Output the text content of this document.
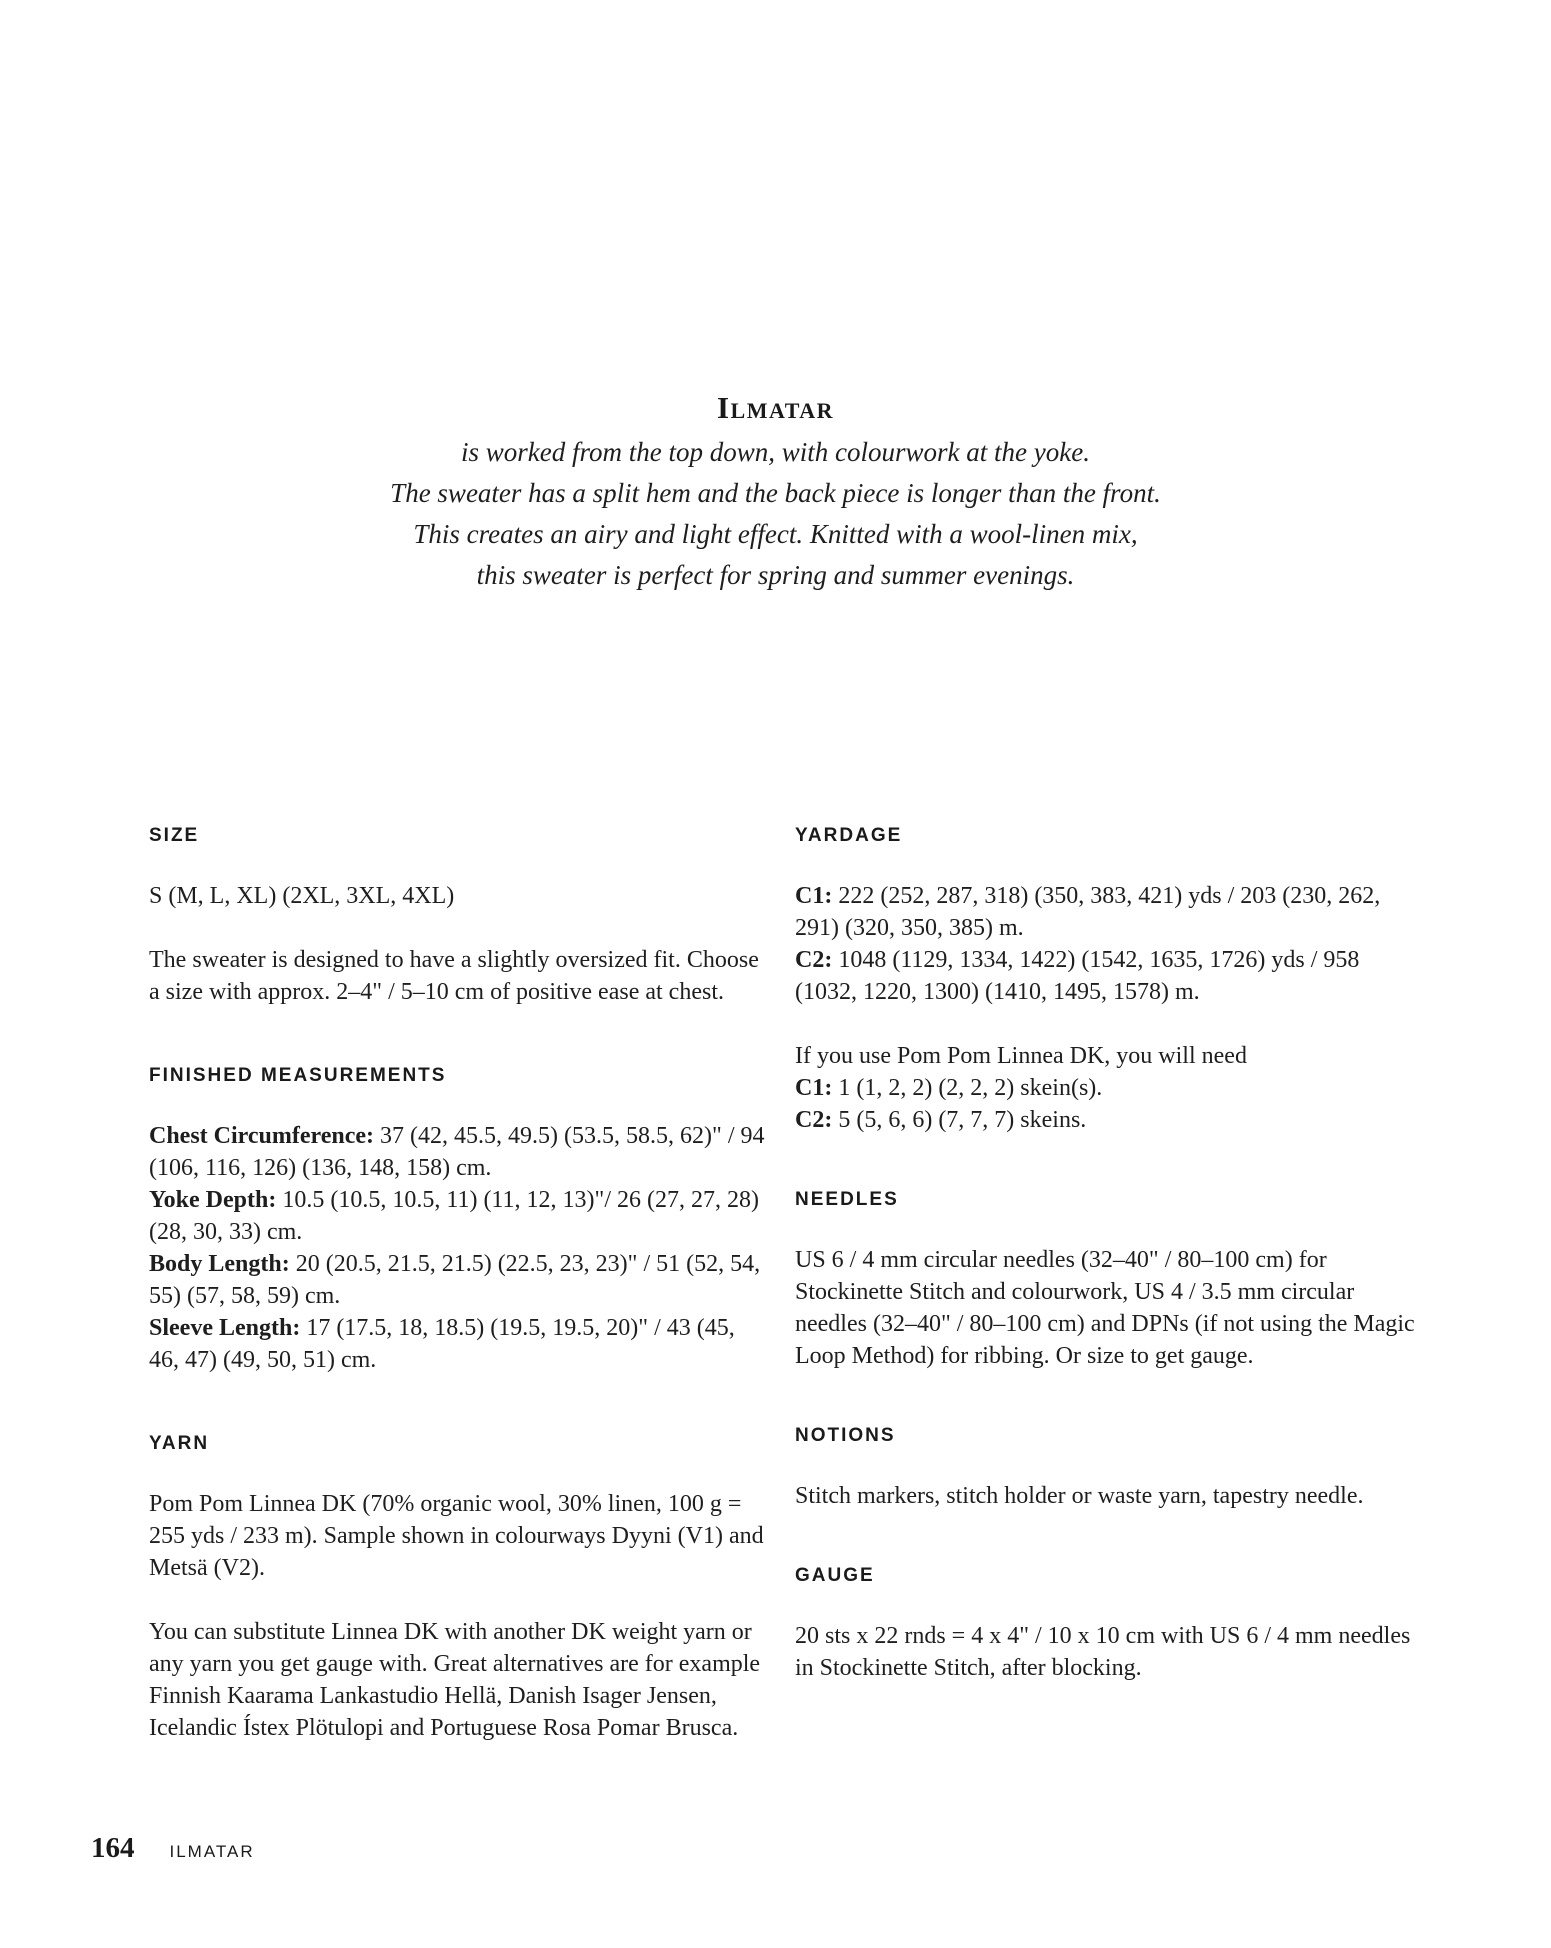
Ilmatar

is worked from the top down, with colourwork at the yoke.

The sweater has a split hem and the back piece is longer than the front.

This creates an airy and light effect. Knitted with a wool-linen mix,

this sweater is perfect for spring and summer evenings.

SIZE

S (M, L, XL) (2XL, 3XL, 4XL)

The sweater is designed to have a slightly oversized fit. Choose a size with approx. 2–4" / 5–10 cm of positive ease at chest.

FINISHED MEASUREMENTS

Chest Circumference: 37 (42, 45.5, 49.5) (53.5, 58.5, 62)" / 94 (106, 116, 126) (136, 148, 158) cm.
Yoke Depth: 10.5 (10.5, 10.5, 11) (11, 12, 13)"/ 26 (27, 27, 28) (28, 30, 33) cm.
Body Length: 20 (20.5, 21.5, 21.5) (22.5, 23, 23)" / 51 (52, 54, 55) (57, 58, 59) cm.
Sleeve Length: 17 (17.5, 18, 18.5) (19.5, 19.5, 20)" / 43 (45, 46, 47) (49, 50, 51) cm.

YARN

Pom Pom Linnea DK (70% organic wool, 30% linen, 100 g = 255 yds / 233 m). Sample shown in colourways Dyyni (V1) and Metsä (V2).

You can substitute Linnea DK with another DK weight yarn or any yarn you get gauge with. Great alternatives are for example Finnish Kaarama Lankastudio Hellä, Danish Isager Jensen, Icelandic Ístex Plötulopi and Portuguese Rosa Pomar Brusca.

YARDAGE

C1: 222 (252, 287, 318) (350, 383, 421) yds / 203 (230, 262, 291) (320, 350, 385) m.
C2: 1048 (1129, 1334, 1422) (1542, 1635, 1726) yds / 958 (1032, 1220, 1300) (1410, 1495, 1578) m.

If you use Pom Pom Linnea DK, you will need
C1: 1 (1, 2, 2) (2, 2, 2) skein(s).
C2: 5 (5, 6, 6) (7, 7, 7) skeins.

NEEDLES

US 6 / 4 mm circular needles (32–40" / 80–100 cm) for Stockinette Stitch and colourwork, US 4 / 3.5 mm circular needles (32–40" / 80–100 cm) and DPNs (if not using the Magic Loop Method) for ribbing. Or size to get gauge.

NOTIONS

Stitch markers, stitch holder or waste yarn, tapestry needle.

GAUGE

20 sts x 22 rnds = 4 x 4" / 10 x 10 cm with US 6 / 4 mm needles in Stockinette Stitch, after blocking.

164 ILMATAR
